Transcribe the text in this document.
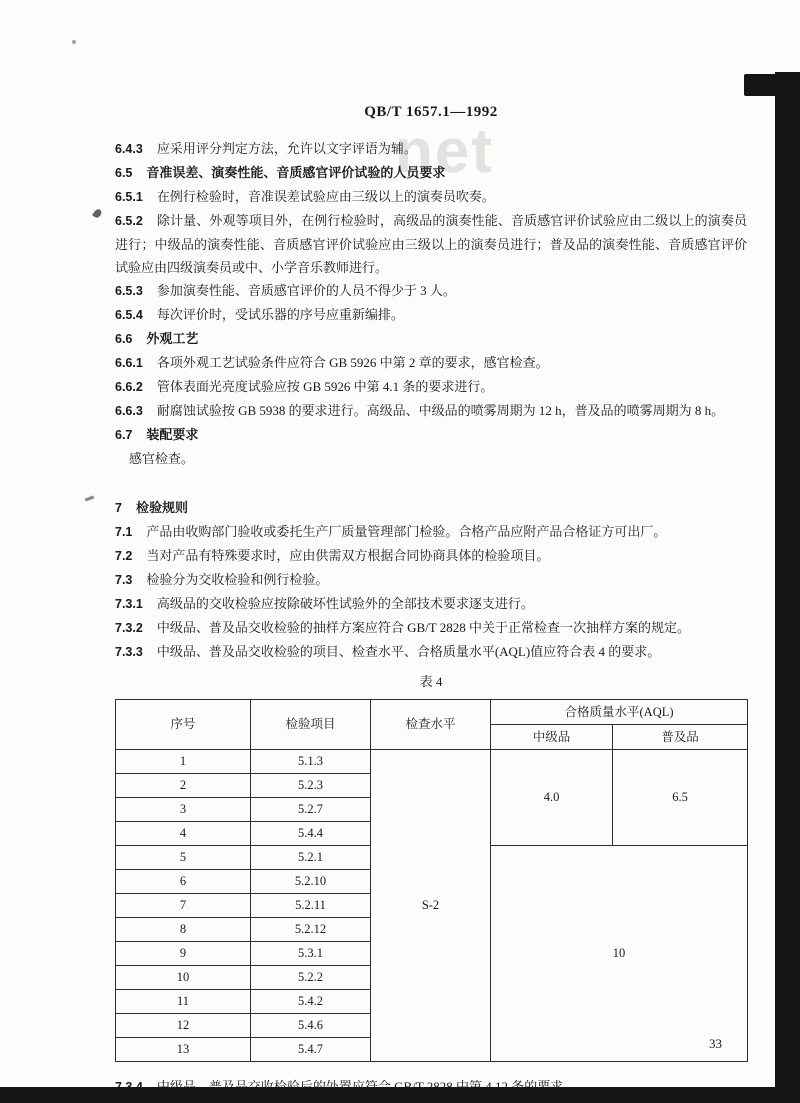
net
QB/T 1657.1—1992

6.4.3 应采用评分判定方法，允许以文字评语为辅。

6.5 音准误差、演奏性能、音质感官评价试验的人员要求

6.5.1 在例行检验时，音准误差试验应由三级以上的演奏员吹奏。

6.5.2 除计量、外观等项目外，在例行检验时，高级品的演奏性能、音质感官评价试验应由二级以上的演奏员进行；中级品的演奏性能、音质感官评价试验应由三级以上的演奏员进行；普及品的演奏性能、音质感官评价试验应由四级演奏员或中、小学音乐教师进行。

6.5.3 参加演奏性能、音质感官评价的人员不得少于 3 人。

6.5.4 每次评价时，受试乐器的序号应重新编排。

6.6 外观工艺

6.6.1 各项外观工艺试验条件应符合 GB 5926 中第 2 章的要求，感官检查。

6.6.2 管体表面光亮度试验应按 GB 5926 中第 4.1 条的要求进行。

6.6.3 耐腐蚀试验按 GB 5938 的要求进行。高级品、中级品的喷雾周期为 12 h，普及品的喷雾周期为 8 h。

6.7 装配要求

感官检查。

7 检验规则

7.1 产品由收购部门验收或委托生产厂质量管理部门检验。合格产品应附产品合格证方可出厂。

7.2 当对产品有特殊要求时，应由供需双方根据合同协商具体的检验项目。

7.3 检验分为交收检验和例行检验。

7.3.1 高级品的交收检验应按除破坏性试验外的全部技术要求逐支进行。

7.3.2 中级品、普及品交收检验的抽样方案应符合 GB/T 2828 中关于正常检查一次抽样方案的规定。

7.3.3 中级品、普及品交收检验的项目、检查水平、合格质量水平(AQL)值应符合表 4 的要求。

表 4
序号	检验项目	检查水平	合格质量水平(AQL)	
			中级品	普及品
1	5.1.3	S-2	4.0	6.5
2	5.2.3			
3	5.2.7			
4	5.4.4			
5	5.2.1		10	
6	5.2.10			
7	5.2.11			
8	5.2.12			
9	5.3.1			
10	5.2.2			
11	5.4.2			
12	5.4.6			
13	5.4.7				33
